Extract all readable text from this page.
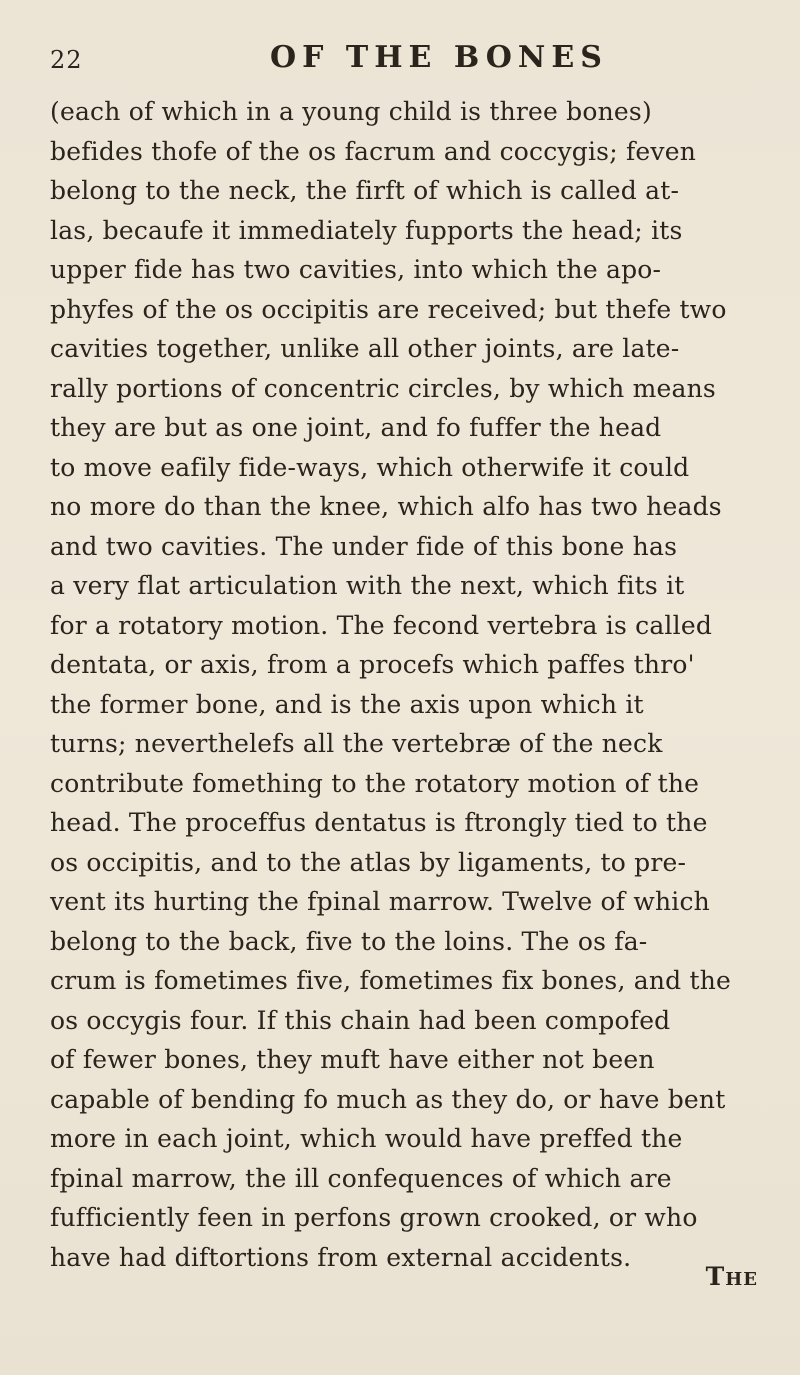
22	OF THE BONES
(each of which in a young child is three bones)
befides thofe of the os facrum and coccygis; feven
belong to the neck, the firft of which is called at-
las, becaufe it immediately fupports the head; its
upper fide has two cavities, into which the apo-
phyfes of the os occipitis are received; but thefe two
cavities together, unlike all other joints, are late-
rally portions of concentric circles, by which means
they are but as one joint, and fo fuffer the head
to move eafily fide-ways, which otherwife it could
no more do than the knee, which alfo has two heads
and two cavities. The under fide of this bone has
a very flat articulation with the next, which fits it
for a rotatory motion. The fecond vertebra is called
dentata, or axis, from a procefs which paffes thro'
the former bone, and is the axis upon which it
turns; neverthelefs all the vertebræ of the neck
contribute fomething to the rotatory motion of the
head. The proceffus dentatus is ftrongly tied to the
os occipitis, and to the atlas by ligaments, to pre-
vent its hurting the fpinal marrow. Twelve of which
belong to the back, five to the loins. The os fa-
crum is fometimes five, fometimes fix bones, and the
os occygis four. If this chain had been compofed
of fewer bones, they muft have either not been
capable of bending fo much as they do, or have bent
more in each joint, which would have preffed the
fpinal marrow, the ill confequences of which are
fufficiently feen in perfons grown crooked, or who
have had diftortions from external accidents.
The
